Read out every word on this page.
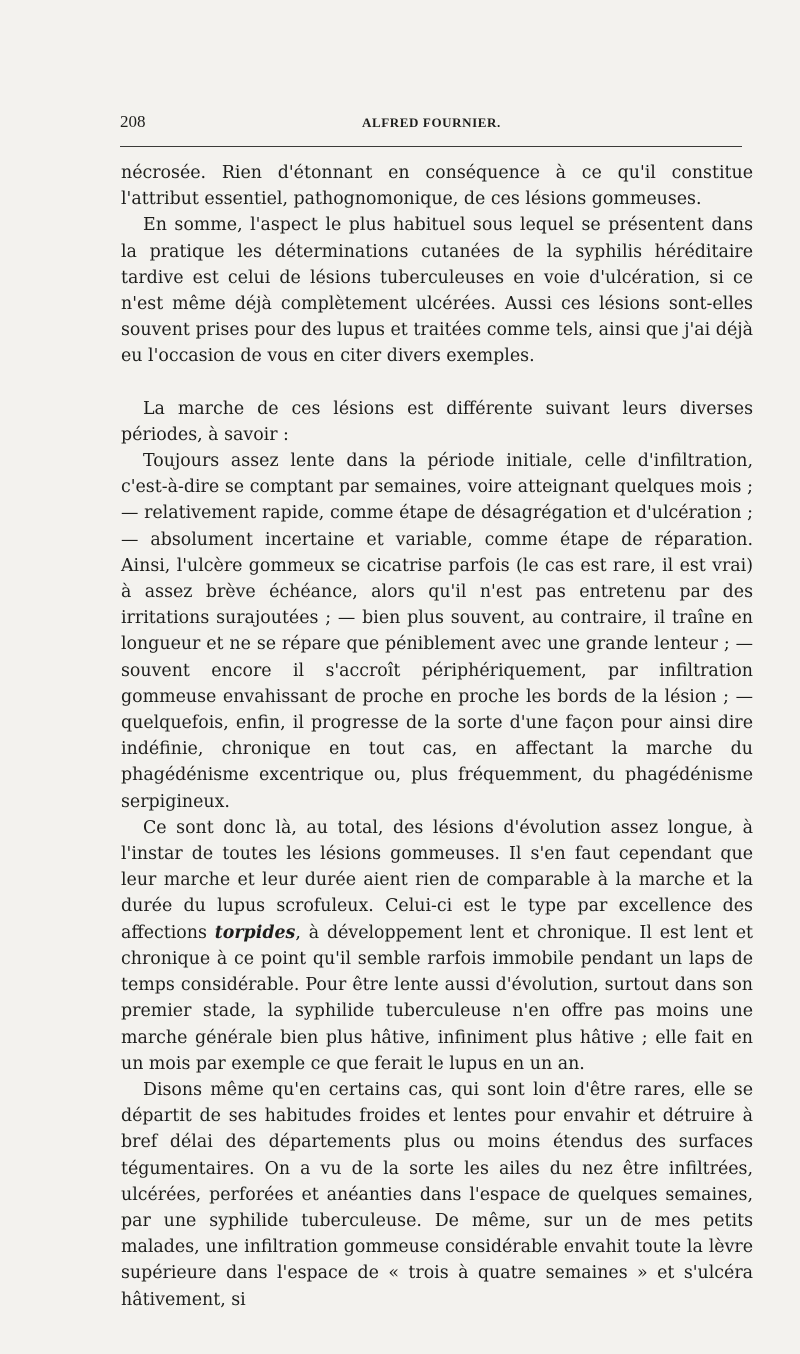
208	ALFRED FOURNIER.

nécrosée. Rien d'étonnant en conséquence à ce qu'il constitue l'attribut essentiel, pathognomonique, de ces lésions gommeuses.

En somme, l'aspect le plus habituel sous lequel se présentent dans la pratique les déterminations cutanées de la syphilis héréditaire tardive est celui de lésions tuberculeuses en voie d'ulcération, si ce n'est même déjà complètement ulcérées. Aussi ces lésions sont-elles souvent prises pour des lupus et traitées comme tels, ainsi que j'ai déjà eu l'occasion de vous en citer divers exemples.

La marche de ces lésions est différente suivant leurs diverses périodes, à savoir :

Toujours assez lente dans la période initiale, celle d'infiltration, c'est-à-dire se comptant par semaines, voire atteignant quelques mois ; — relativement rapide, comme étape de désagrégation et d'ulcération ; — absolument incertaine et variable, comme étape de réparation. Ainsi, l'ulcère gommeux se cicatrise parfois (le cas est rare, il est vrai) à assez brève échéance, alors qu'il n'est pas entretenu par des irritations surajoutées ; — bien plus souvent, au contraire, il traîne en longueur et ne se répare que péniblement avec une grande lenteur ; — souvent encore il s'accroît périphériquement, par infiltration gommeuse envahissant de proche en proche les bords de la lésion ; — quelquefois, enfin, il progresse de la sorte d'une façon pour ainsi dire indéfinie, chronique en tout cas, en affectant la marche du phagédénisme excentrique ou, plus fréquemment, du phagédénisme serpigineux.

Ce sont donc là, au total, des lésions d'évolution assez longue, à l'instar de toutes les lésions gommeuses. Il s'en faut cependant que leur marche et leur durée aient rien de comparable à la marche et la durée du lupus scrofuleux. Celui-ci est le type par excellence des affections torpides, à développement lent et chronique. Il est lent et chronique à ce point qu'il semble rarfois immobile pendant un laps de temps considérable. Pour être lente aussi d'évolution, surtout dans son premier stade, la syphilide tuberculeuse n'en offre pas moins une marche générale bien plus hâtive, infiniment plus hâtive ; elle fait en un mois par exemple ce que ferait le lupus en un an.

Disons même qu'en certains cas, qui sont loin d'être rares, elle se départit de ses habitudes froides et lentes pour envahir et détruire à bref délai des départements plus ou moins étendus des surfaces tégumentaires. On a vu de la sorte les ailes du nez être infiltrées, ulcérées, perforées et anéanties dans l'espace de quelques semaines, par une syphilide tuberculeuse. De même, sur un de mes petits malades, une infiltration gommeuse considérable envahit toute la lèvre supérieure dans l'espace de « trois à quatre semaines » et s'ulcéra hâtivement, si
